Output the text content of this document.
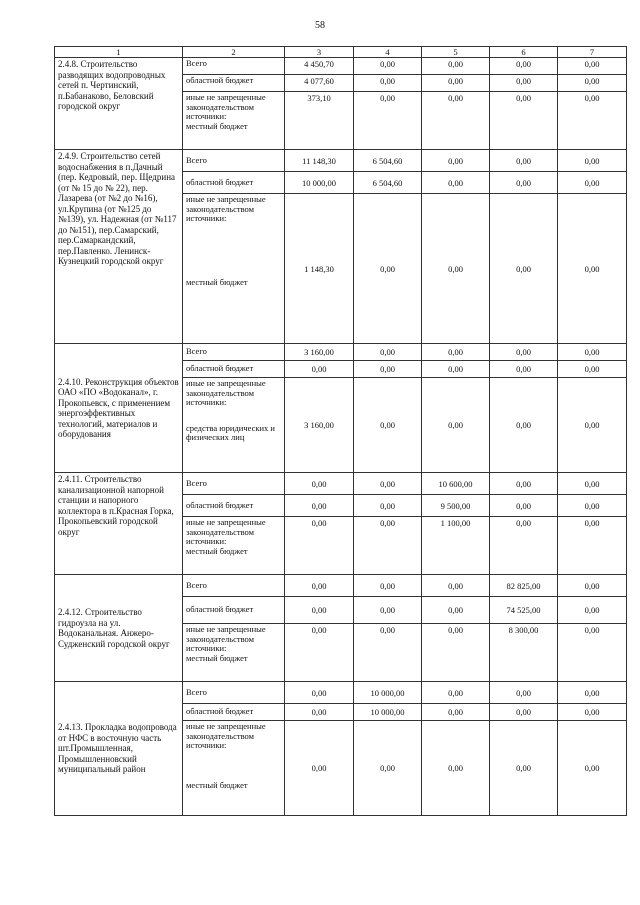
58
1	2	3	4	5	6	7
2.4.8. Строительство разводящих водопроводных сетей п. Чертинский, п.Бабанаково, Беловский городской округ	Всего	4 450,70	0,00	0,00	0,00	0,00
	областной бюджет	4 077,60	0,00	0,00	0,00	0,00

	иные не запрещенные законодательством источники:
местный бюджет	373,10	0,00	0,00	0,00	0,00
2.4.9. Строительство сетей водоснабжения в п.Дачный (пер. Кедровый, пер. Щедрина (от № 15 до № 22), пер. Лазарева (от №2 до №16), ул.Крупина (от №125 до №139), ул. Надежная (от №117 до №151), пер.Самарский, пер.Самаркандский, пер.Павленко. Ленинск-Кузнецкий городской округ	Всего	11 148,30	6 504,60	0,00	0,00	0,00
	областной бюджет	10 000,00	6 504,60	0,00	0,00	0,00

	иные не запрещенные законодательством источники:
местный бюджет	1 148,30	0,00	0,00	0,00	0,00
2.4.10. Реконструкция объектов ОАО «ПО «Водоканал», г. Прокопьевск, с применением энергоэффективных технологий, материалов и оборудования	Всего	3 160,00	0,00	0,00	0,00	0,00
	областной бюджет	0,00	0,00	0,00	0,00	0,00

	иные не запрещенные законодательством источники:
средства юридических и физических лиц	3 160,00	0,00	0,00	0,00	0,00
2.4.11. Строительство канализационной напорной станции и напорного коллектора в п.Красная Горка, Прокопьевский городской округ	Всего	0,00	0,00	10 600,00	0,00	0,00
	областной бюджет	0,00	0,00	9 500,00	0,00	0,00

	иные не запрещенные законодательством источники:
местный бюджет	0,00	0,00	1 100,00	0,00	0,00
2.4.12. Строительство гидроузла на ул. Водоканальная. Анжеро-Судженский городской округ	Всего	0,00	0,00	0,00	82 825,00	0,00
	областной бюджет	0,00	0,00	0,00	74 525,00	0,00

	иные не запрещенные законодательством источники:
местный бюджет	0,00	0,00	0,00	8 300,00	0,00
2.4.13. Прокладка водопровода от НФС в восточную часть шт.Промышленная, Промышленновский муниципальный район	Всего	0,00	10 000,00	0,00	0,00	0,00
	областной бюджет	0,00	10 000,00	0,00	0,00	0,00

	иные не запрещенные законодательством источники:
местный бюджет	0,00	0,00	0,00	0,00	0,00
